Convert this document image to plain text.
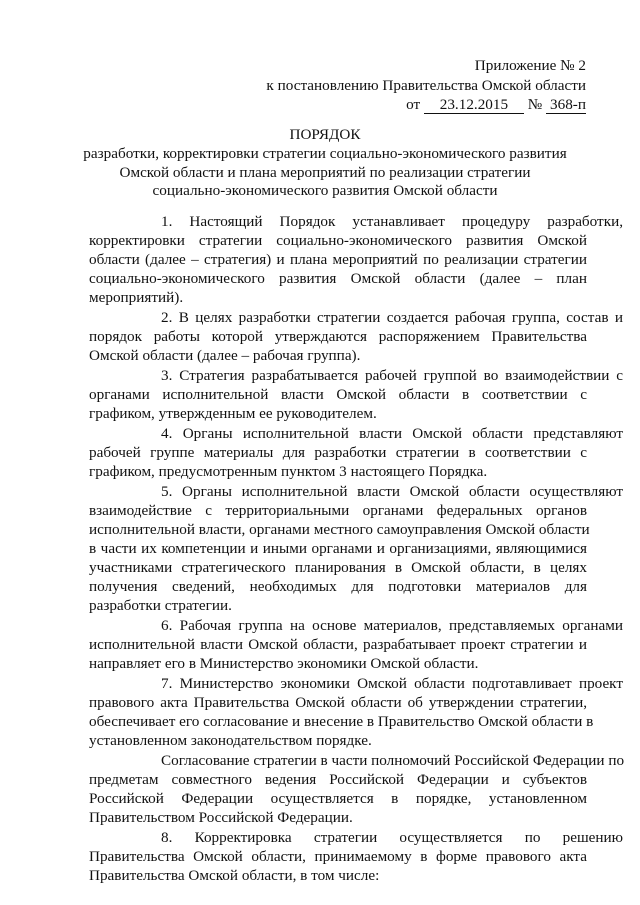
Приложение № 2
к постановлению Правительства Омской области
от 23.12.2015 № 368-п
ПОРЯДОК
разработки, корректировки стратегии социально-экономического развития
Омской области и плана мероприятий по реализации стратегии
социально-экономического развития Омской области
1. Настоящий Порядок устанавливает процедуру разработки,
корректировки стратегии социально-экономического развития Омской
области (далее – стратегия) и плана мероприятий по реализации стратегии
социально-экономического развития Омской области (далее – план
мероприятий).
2. В целях разработки стратегии создается рабочая группа, состав и
порядок работы которой утверждаются распоряжением Правительства
Омской области (далее – рабочая группа).
3. Стратегия разрабатывается рабочей группой во взаимодействии с
органами исполнительной власти Омской области в соответствии с
графиком, утвержденным ее руководителем.
4. Органы исполнительной власти Омской области представляют
рабочей группе материалы для разработки стратегии в соответствии с
графиком, предусмотренным пунктом 3 настоящего Порядка.
5. Органы исполнительной власти Омской области осуществляют
взаимодействие с территориальными органами федеральных органов
исполнительной власти, органами местного самоуправления Омской области
в части их компетенции и иными органами и организациями, являющимися
участниками стратегического планирования в Омской области, в целях
получения сведений, необходимых для подготовки материалов для
разработки стратегии.
6. Рабочая группа на основе материалов, представляемых органами
исполнительной власти Омской области, разрабатывает проект стратегии и
направляет его в Министерство экономики Омской области.
7. Министерство экономики Омской области подготавливает проект
правового акта Правительства Омской области об утверждении стратегии,
обеспечивает его согласование и внесение в Правительство Омской области в
установленном законодательством порядке.
Согласование стратегии в части полномочий Российской Федерации по
предметам совместного ведения Российской Федерации и субъектов
Российской Федерации осуществляется в порядке, установленном
Правительством Российской Федерации.
8. Корректировка стратегии осуществляется по решению
Правительства Омской области, принимаемому в форме правового акта
Правительства Омской области, в том числе:
